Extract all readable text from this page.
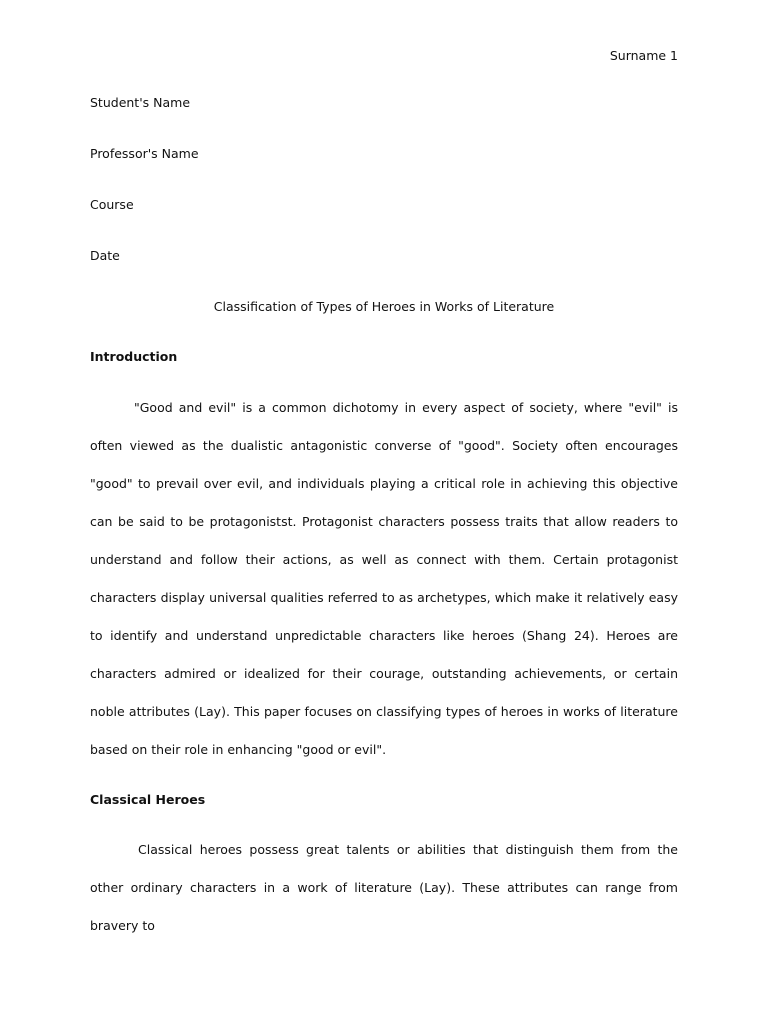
Surname 1
Student's Name
Professor's Name
Course
Date
Classification of Types of Heroes in Works of Literature
Introduction

"Good and evil" is a common dichotomy in every aspect of society, where "evil" is often viewed as the dualistic antagonistic converse of "good". Society often encourages "good" to prevail over evil, and individuals playing a critical role in achieving this objective can be said to be protagonistst. Protagonist characters possess traits that allow readers to understand and follow their actions, as well as connect with them. Certain protagonist characters display universal qualities referred to as archetypes, which make it relatively easy to identify and understand unpredictable characters like heroes (Shang 24). Heroes are characters admired or idealized for their courage, outstanding achievements, or certain noble attributes (Lay). This paper focuses on classifying types of heroes in works of literature based on their role in enhancing "good or evil".

Classical Heroes

Classical heroes possess great talents or abilities that distinguish them from the other ordinary characters in a work of literature (Lay). These attributes can range from bravery to
